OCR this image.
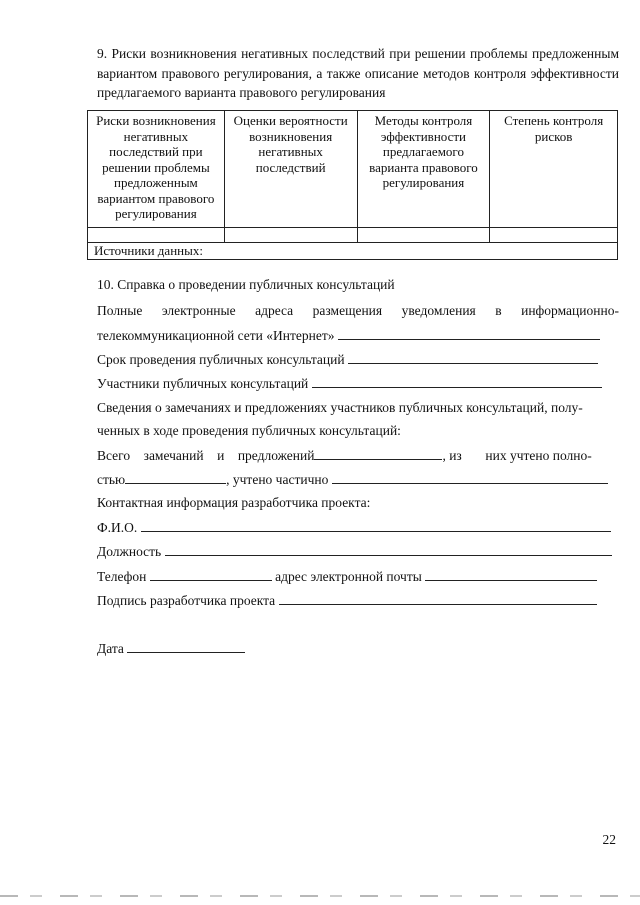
9. Риски возникновения негативных последствий при решении проблемы предложенным вариантом правового регулирования, а также описание методов контроля эффективности предлагаемого варианта правового регулирования
Риски возникновения негативных последствий при решении проблемы предложенным вариантом правового регулирования	Оценки вероятности возникновения негативных последствий	Методы контроля эффективности предлагаемого варианта правового регулирования	Степень контроля рисков

Источники данных:			
10. Справка о проведении публичных консультаций
Полные электронные адреса размещения уведомления в информационно-
телекоммуникационной сети «Интернет»
Срок проведения публичных консультаций
Участники публичных консультаций
Сведения о замечаниях и предложениях участников публичных консультаций, полу-
ченных в ходе проведения публичных консультаций:
Всего замечаний и предложений	, из них учтено полно-
стью	, учтено частично
Контактная информация разработчика проекта:
Ф.И.О.
Должность
Телефон	адрес электронной почты
Подпись разработчика проекта
Дата
22
